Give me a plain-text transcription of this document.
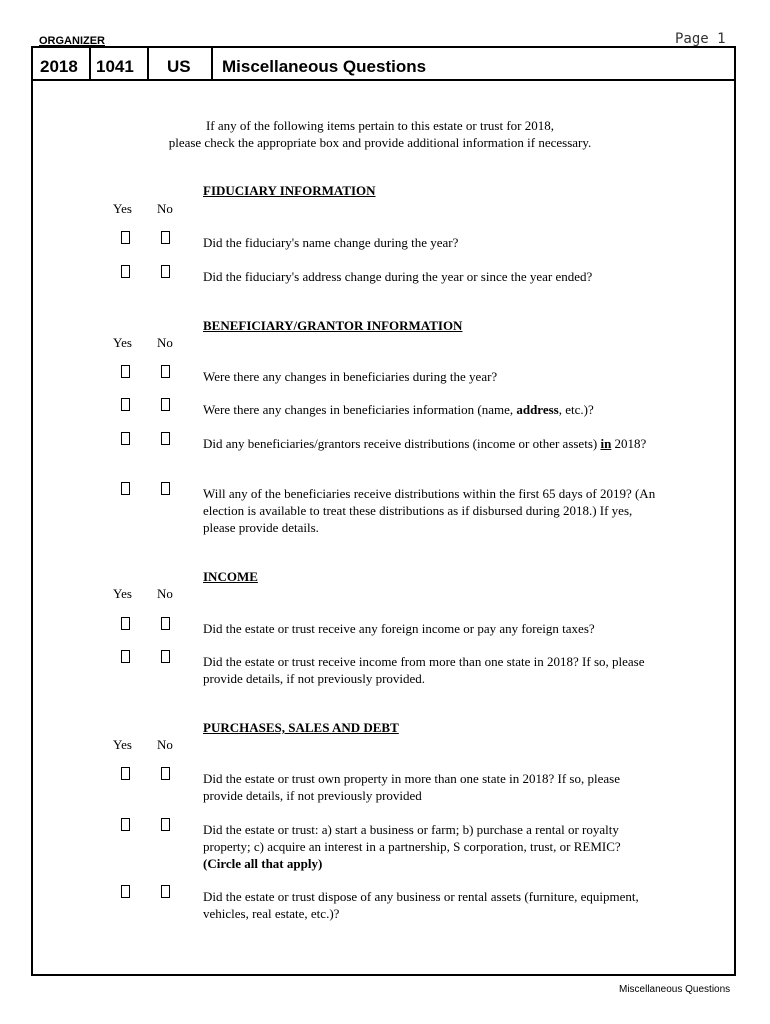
ORGANIZER	Page 1
2018 1041 US Miscellaneous Questions
If any of the following items pertain to this estate or trust for 2018,
please check the appropriate box and provide additional information if necessary.
FIDUCIARY INFORMATION
Yes No
Did the fiduciary's name change during the year?
Did the fiduciary's address change during the year or since the year ended?
BENEFICIARY/GRANTOR INFORMATION
Yes No
Were there any changes in beneficiaries during the year?
Were there any changes in beneficiaries information (name, address, etc.)?
Did any beneficiaries/grantors receive distributions (income or other assets) in 2018?
Will any of the beneficiaries receive distributions within the first 65 days of 2019? (An election is available to treat these distributions as if disbursed during 2018.) If yes, please provide details.
INCOME
Yes No
Did the estate or trust receive any foreign income or pay any foreign taxes?
Did the estate or trust receive income from more than one state in 2018? If so, please provide details, if not previously provided.
PURCHASES, SALES AND DEBT
Yes No
Did the estate or trust own property in more than one state in 2018? If so, please provide details, if not previously provided
Did the estate or trust: a) start a business or farm; b) purchase a rental or royalty property; c) acquire an interest in a partnership, S corporation, trust, or REMIC?
(Circle all that apply)
Did the estate or trust dispose of any business or rental assets (furniture, equipment, vehicles, real estate, etc.)?
Miscellaneous Questions
